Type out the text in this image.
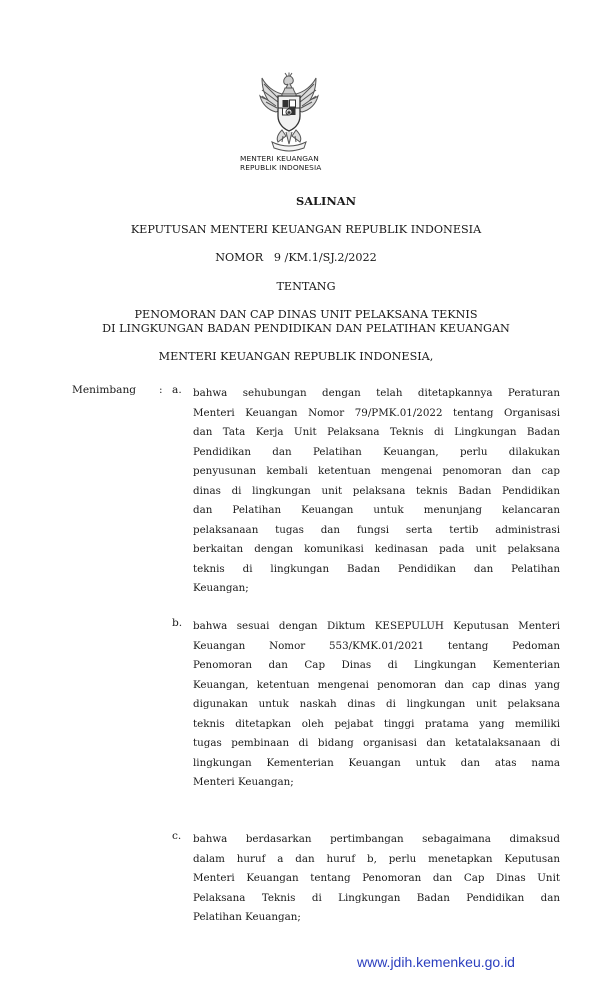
MENTERI KEUANGAN
REPUBLIK INDONESIA
SALINAN
KEPUTUSAN MENTERI KEUANGAN REPUBLIK INDONESIA
NOMOR   9 /KM.1/SJ.2/2022
TENTANG
PENOMORAN DAN CAP DINAS UNIT PELAKSANA TEKNIS
DI LINGKUNGAN BADAN PENDIDIKAN DAN PELATIHAN KEUANGAN
MENTERI KEUANGAN REPUBLIK INDONESIA,
Menimbang : a. bahwa sehubungan dengan telah ditetapkannya Peraturan
Menteri Keuangan Nomor 79/PMK.01/2022 tentang Organisasi
dan Tata Kerja Unit Pelaksana Teknis di Lingkungan Badan
Pendidikan dan Pelatihan Keuangan, perlu dilakukan
penyusunan kembali ketentuan mengenai penomoran dan cap
dinas di lingkungan unit pelaksana teknis Badan Pendidikan
dan Pelatihan Keuangan untuk menunjang kelancaran
pelaksanaan tugas dan fungsi serta tertib administrasi
berkaitan dengan komunikasi kedinasan pada unit pelaksana
teknis di lingkungan Badan Pendidikan dan Pelatihan
Keuangan;
b. bahwa sesuai dengan Diktum KESEPULUH Keputusan Menteri
Keuangan Nomor 553/KMK.01/2021 tentang Pedoman
Penomoran dan Cap Dinas di Lingkungan Kementerian
Keuangan, ketentuan mengenai penomoran dan cap dinas yang
digunakan untuk naskah dinas di lingkungan unit pelaksana
teknis ditetapkan oleh pejabat tinggi pratama yang memiliki
tugas pembinaan di bidang organisasi dan ketatalaksanaan di
lingkungan Kementerian Keuangan untuk dan atas nama
Menteri Keuangan;
c. bahwa berdasarkan pertimbangan sebagaimana dimaksud
dalam huruf a dan huruf b, perlu menetapkan Keputusan
Menteri Keuangan tentang Penomoran dan Cap Dinas Unit
Pelaksana Teknis di Lingkungan Badan Pendidikan dan
Pelatihan Keuangan;
www.jdih.kemenkeu.go.id
